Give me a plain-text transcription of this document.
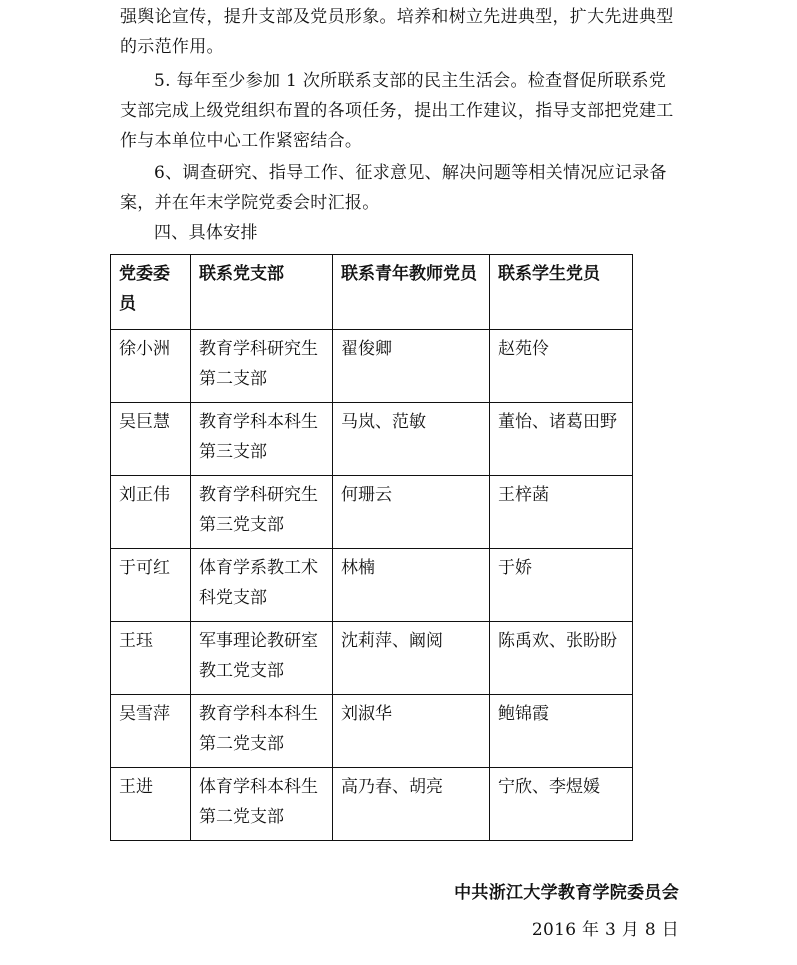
强舆论宣传，提升支部及党员形象。培养和树立先进典型，扩大先进典型的示范作用。

5. 每年至少参加 1 次所联系支部的民主生活会。检查督促所联系党支部完成上级党组织布置的各项任务，提出工作建议，指导支部把党建工作与本单位中心工作紧密结合。

6、调查研究、指导工作、征求意见、解决问题等相关情况应记录备案，并在年末学院党委会时汇报。

四、具体安排

党委委员	联系党支部	联系青年教师党员	联系学生党员
徐小洲	教育学科研究生第二支部	翟俊卿	赵苑伶
吴巨慧	教育学科本科生第三支部	马岚、范敏	董怡、诸葛田野
刘正伟	教育学科研究生第三党支部	何珊云	王梓菡
于可红	体育学系教工术科党支部	林楠	于娇
王珏	军事理论教研室教工党支部	沈莉萍、阚阅	陈禹欢、张盼盼
吴雪萍	教育学科本科生第二党支部	刘淑华	鲍锦霞
王进	体育学科本科生第二党支部	高乃春、胡亮	宁欣、李煜媛
中共浙江大学教育学院委员会
2016 年 3 月 8 日
